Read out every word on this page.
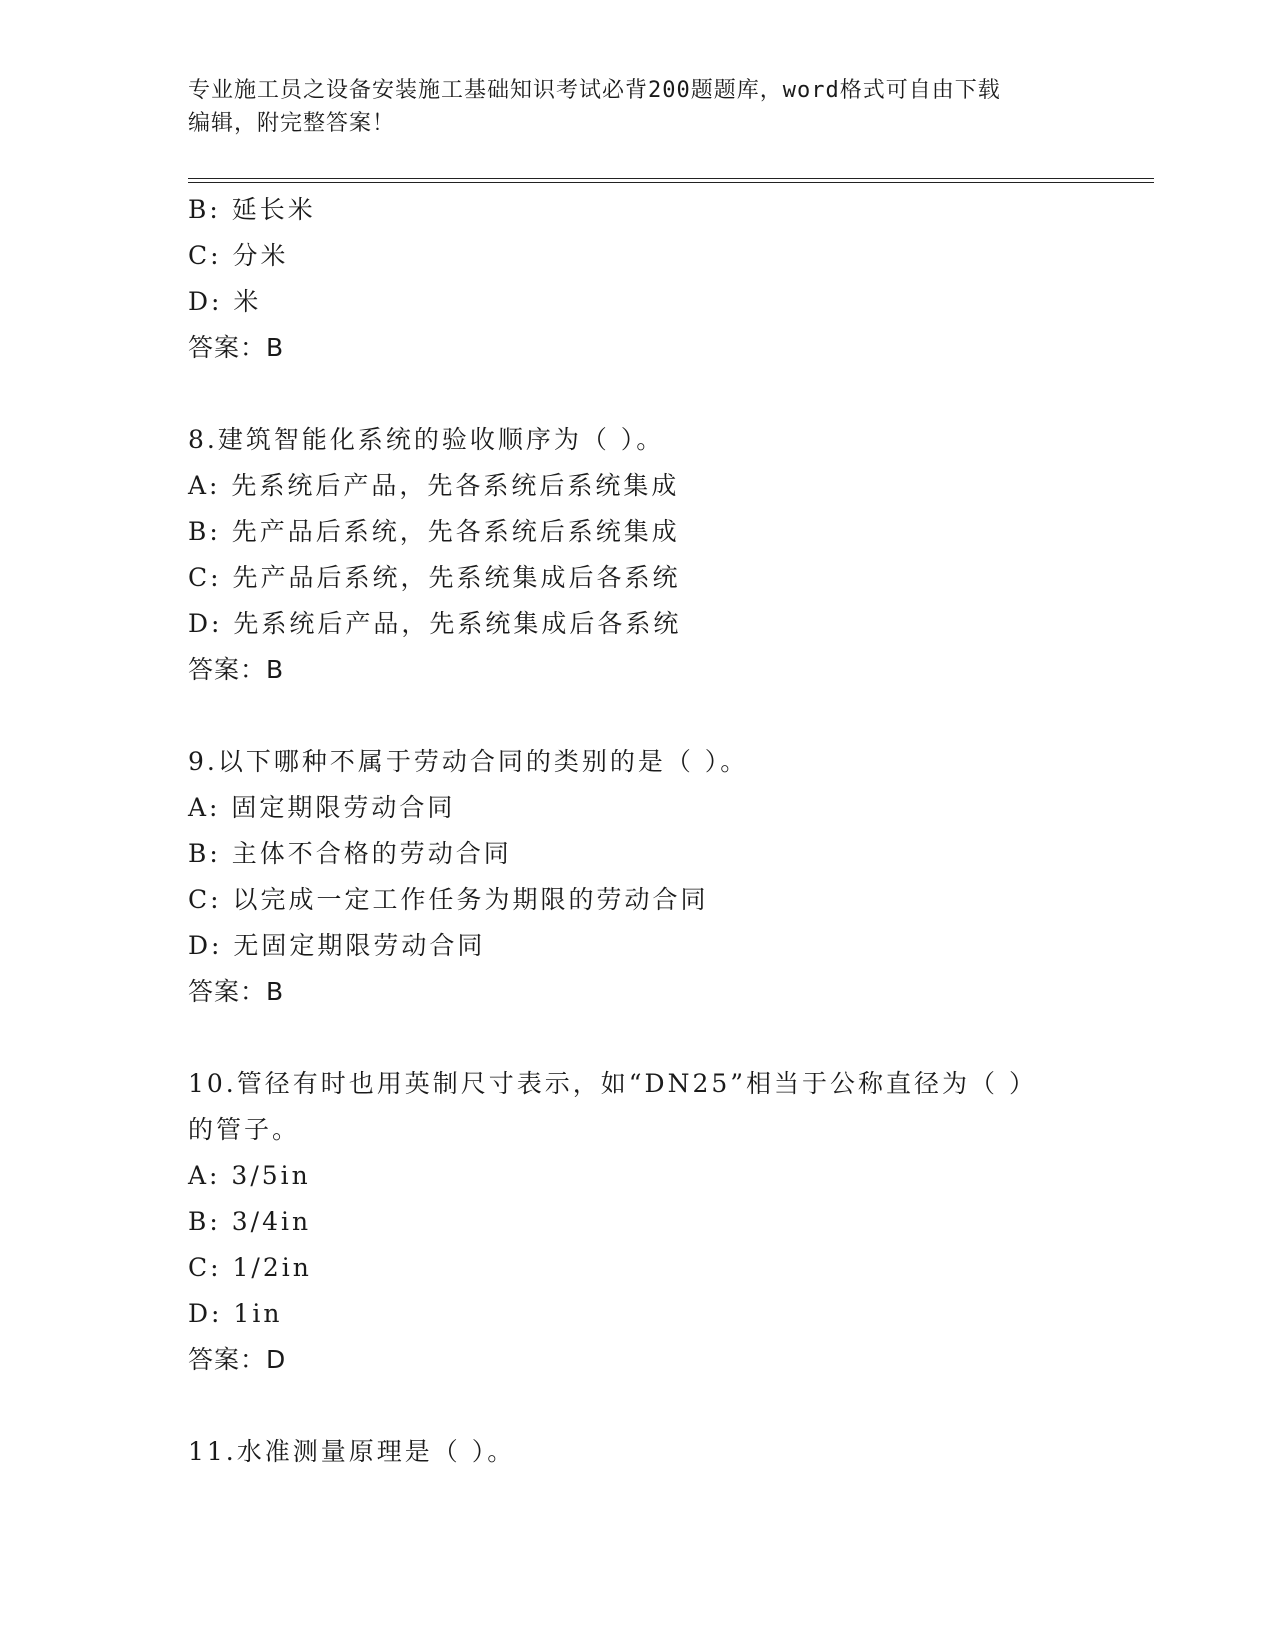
专业施工员之设备安装施工基础知识考试必背200题题库，word格式可自由下载
编辑，附完整答案！
B: 延长米
C: 分米
D: 米
答案：B
8.建筑智能化系统的验收顺序为（ ）。
A: 先系统后产品，先各系统后系统集成
B: 先产品后系统，先各系统后系统集成
C: 先产品后系统，先系统集成后各系统
D: 先系统后产品，先系统集成后各系统
答案：B
9.以下哪种不属于劳动合同的类别的是（ ）。
A: 固定期限劳动合同
B: 主体不合格的劳动合同
C: 以完成一定工作任务为期限的劳动合同
D: 无固定期限劳动合同
答案：B
10.管径有时也用英制尺寸表示，如“DN25”相当于公称直径为（ ）
的管子。
A: 3/5in
B: 3/4in
C: 1/2in
D: 1in
答案：D
11.水准测量原理是（ ）。
